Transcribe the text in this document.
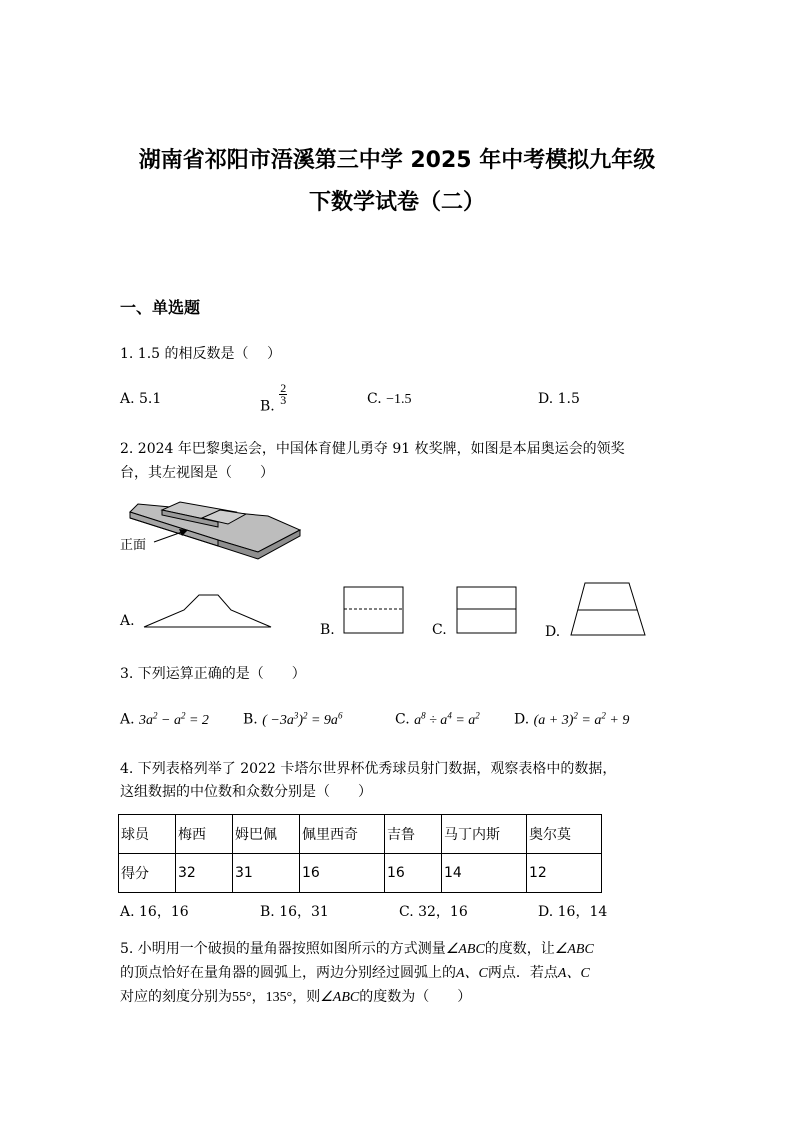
湖南省祁阳市浯溪第三中学 2025 年中考模拟九年级
下数学试卷（二）
一、单选题
1. 1.5 的相反数是（　 ）
A. 5.1	B.
$\frac{2}{3}$	C. −1.5	D. 1.5
2. 2024 年巴黎奥运会，中国体育健儿勇夺 91 枚奖牌，如图是本届奥运会的领奖
台，其左视图是（　　）
正面
A.
B.	C.	D.
3. 下列运算正确的是（　　）
A. $3a^2 - a^2 = 2$ B. ( $-3a^3)^2 = 9a^6$	C. $a^8 \div a^4 = a^2$ D. $(a + 3)^2 = a^2 + 9$
4. 下列表格列举了 2022 卡塔尔世界杯优秀球员射门数据，观察表格中的数据，
这组数据的中位数和众数分别是（　　）
球员	梅西	姆巴佩	佩里西奇	吉鲁	马丁内斯	奥尔莫
得分	32	31	16	16	14	12
A. 16，16	B. 16，31	C. 32，16	D. 16，14
5. 小明用一个破损的量角器按照如图所示的方式测量∠ABC的度数，让∠ABC
的顶点恰好在量角器的圆弧上，两边分别经过圆弧上的A、C两点．若点A、C
对应的刻度分别为55°，135°，则∠ABC的度数为（　　）
